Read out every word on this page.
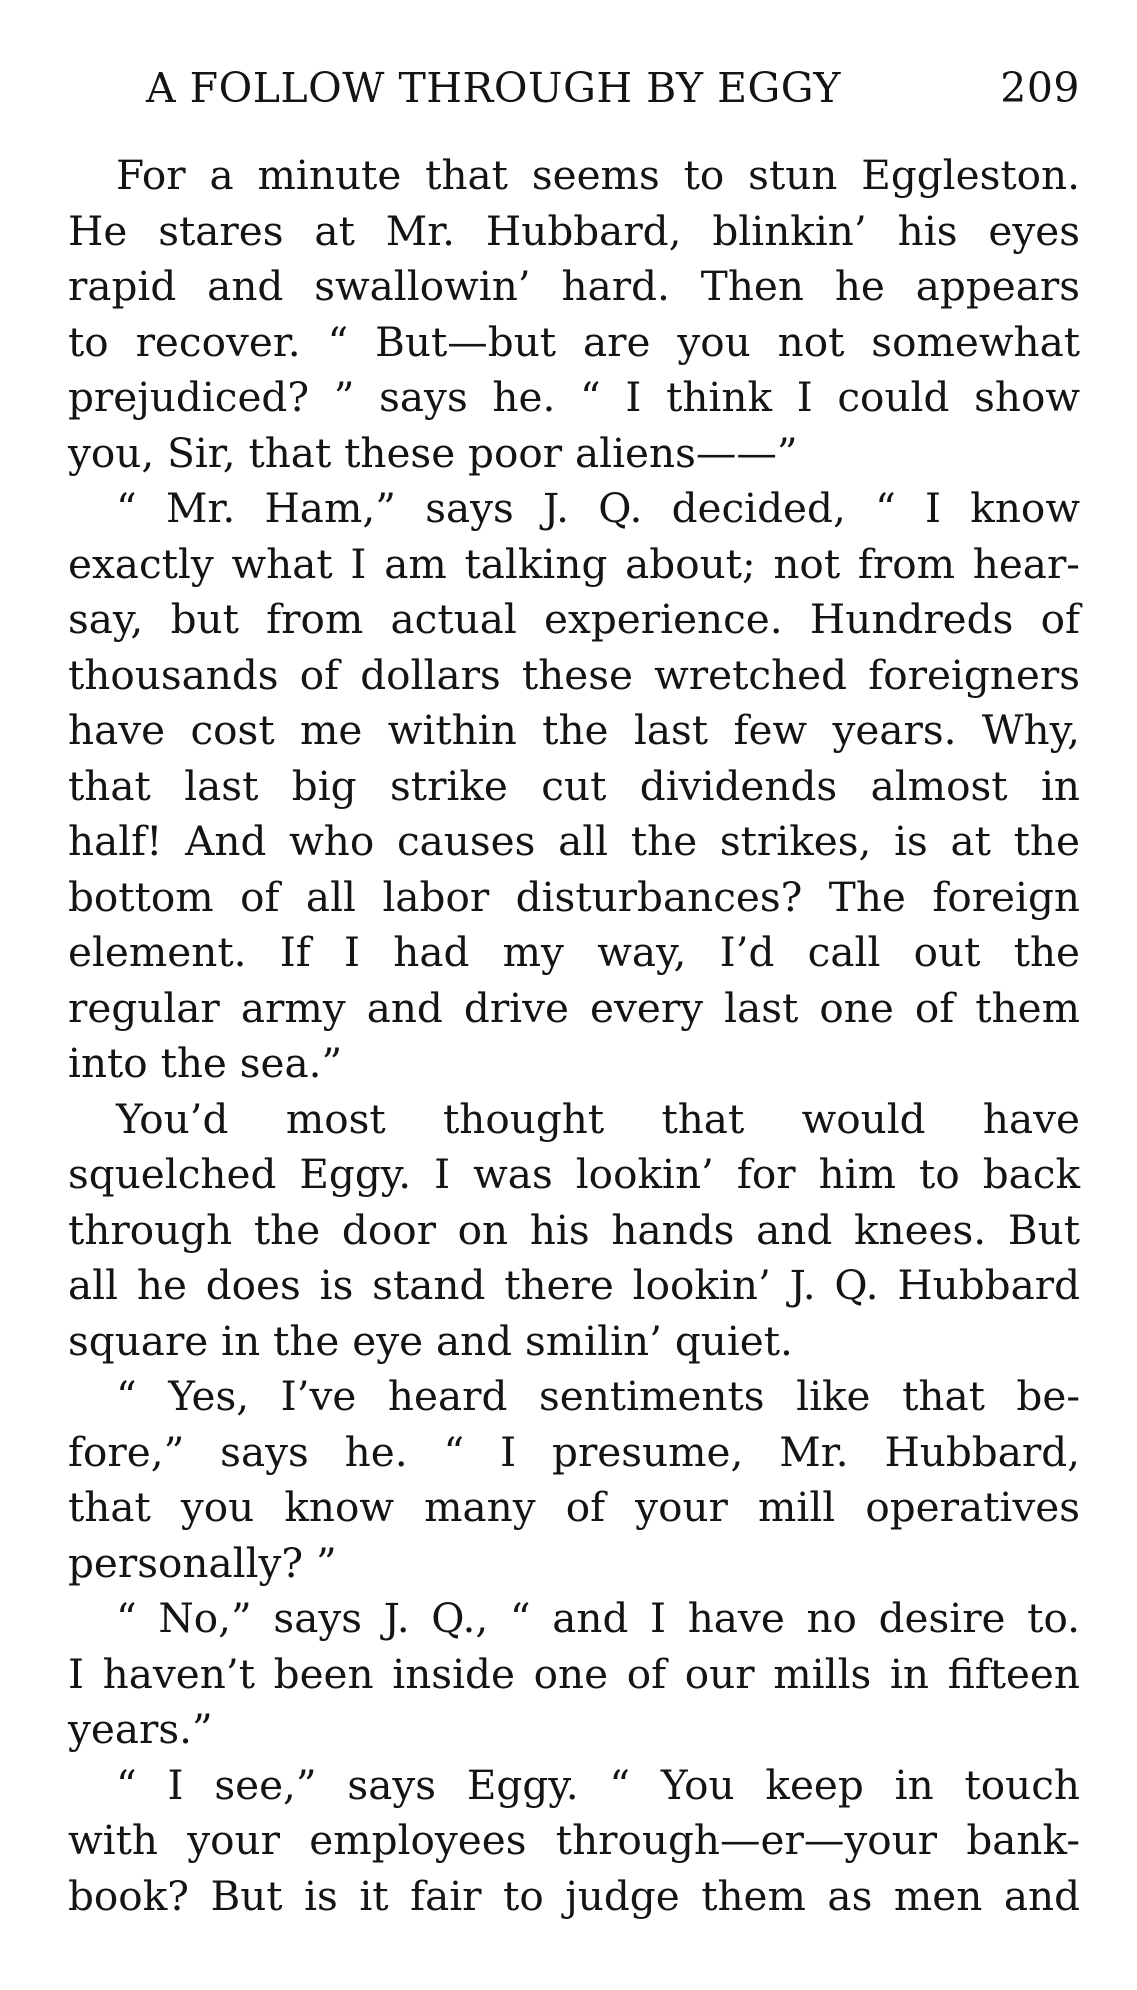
A FOLLOW THROUGH BY EGGY	209
For a minute that seems to stun Eggleston.
He stares at Mr. Hubbard, blinkin’ his eyes
rapid and swallowin’ hard. Then he appears
to recover. “ But—but are you not somewhat
prejudiced? ” says he. “ I think I could show
you, Sir, that these poor aliens——”
“ Mr. Ham,” says J. Q. decided, “ I know
exactly what I am talking about; not from hear-
say, but from actual experience. Hundreds of
thousands of dollars these wretched foreigners
have cost me within the last few years. Why,
that last big strike cut dividends almost in
half! And who causes all the strikes, is at the
bottom of all labor disturbances? The foreign
element. If I had my way, I’d call out the
regular army and drive every last one of them
into the sea.”
You’d most thought that would have
squelched Eggy. I was lookin’ for him to back
through the door on his hands and knees. But
all he does is stand there lookin’ J. Q. Hubbard
square in the eye and smilin’ quiet.
“ Yes, I’ve heard sentiments like that be-
fore,” says he. “ I presume, Mr. Hubbard,
that you know many of your mill operatives
personally? ”
“ No,” says J. Q., “ and I have no desire to.
I haven’t been inside one of our mills in fifteen
years.”
“ I see,” says Eggy. “ You keep in touch
with your employees through—er—your bank-
book? But is it fair to judge them as men and
